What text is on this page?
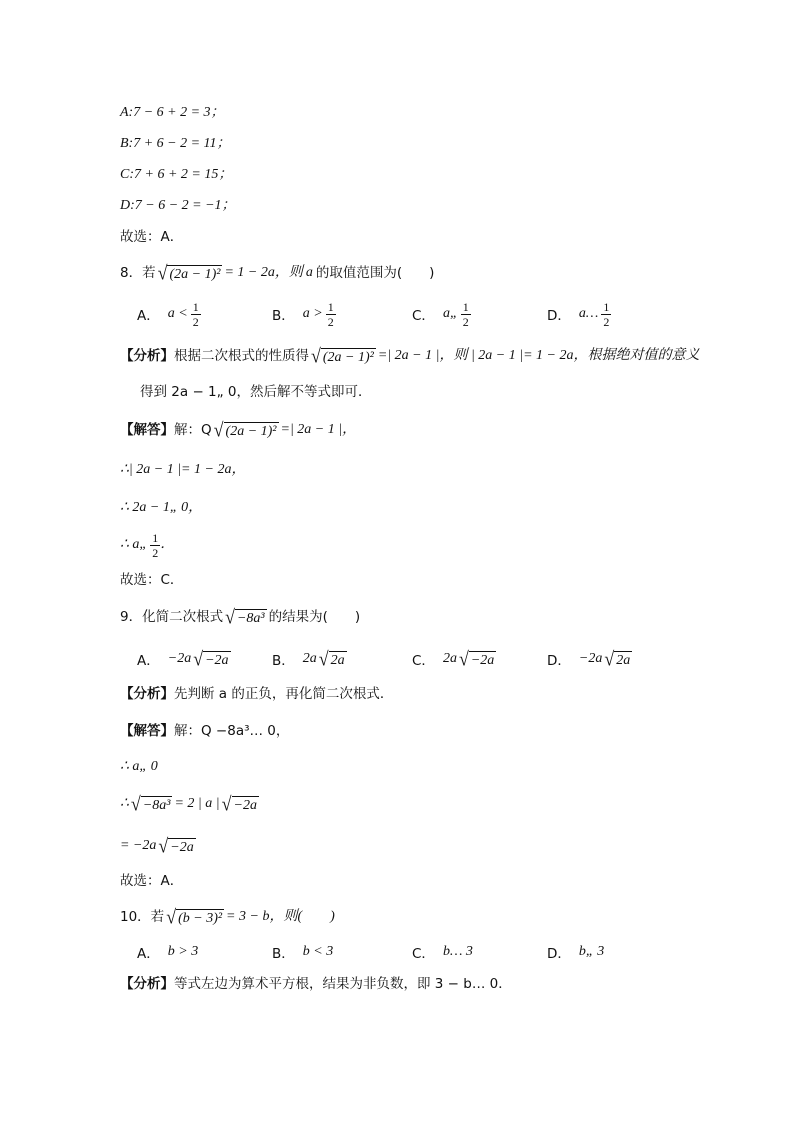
A:7 − 6 + 2 = 3；
B:7 + 6 − 2 = 11；
C:7 + 6 + 2 = 15；
D:7 − 6 − 2 = −1；
故选：A．
8．若 √ (2a − 1)² = 1 − 2a，则 a 的取值范围为(　　)
A． $a < \frac{1}{2}$	B． $a > \frac{1}{2}$	C． a„ $\frac{1}{2}$	D． a… $\frac{1}{2}$
【分析】 根据二次根式的性质得 √ (2a − 1)² =| 2a − 1 |，则 | 2a − 1 |= 1 − 2a，根据绝对值的意义
得到 2a − 1„ 0，然后解不等式即可．
【解答】 解：Q √ (2a − 1)² =| 2a − 1 |，
∴| 2a − 1 |= 1 − 2a，
∴ 2a − 1„ 0，
∴ a„ $\frac{1}{2}$ ．
故选：C．
9．化简二次根式 √ −8a³ 的结果为(　　)
A． −2a √ −2a	B． 2a √ 2a	C． 2a √ −2a	D． −2a √ 2a
【分析】 先判断 a 的正负，再化简二次根式．
【解答】 解：Q −8a³… 0，
∴ a„ 0
∴ √ −8a³ = 2 | a | √ −2a
= −2a √ −2a
故选：A．
10．若 √ (b − 3)² = 3 − b，则(　　)
A． b > 3	B． b < 3	C． b… 3	D． b„ 3
【分析】 等式左边为算术平方根，结果为非负数，即 3 − b… 0．
